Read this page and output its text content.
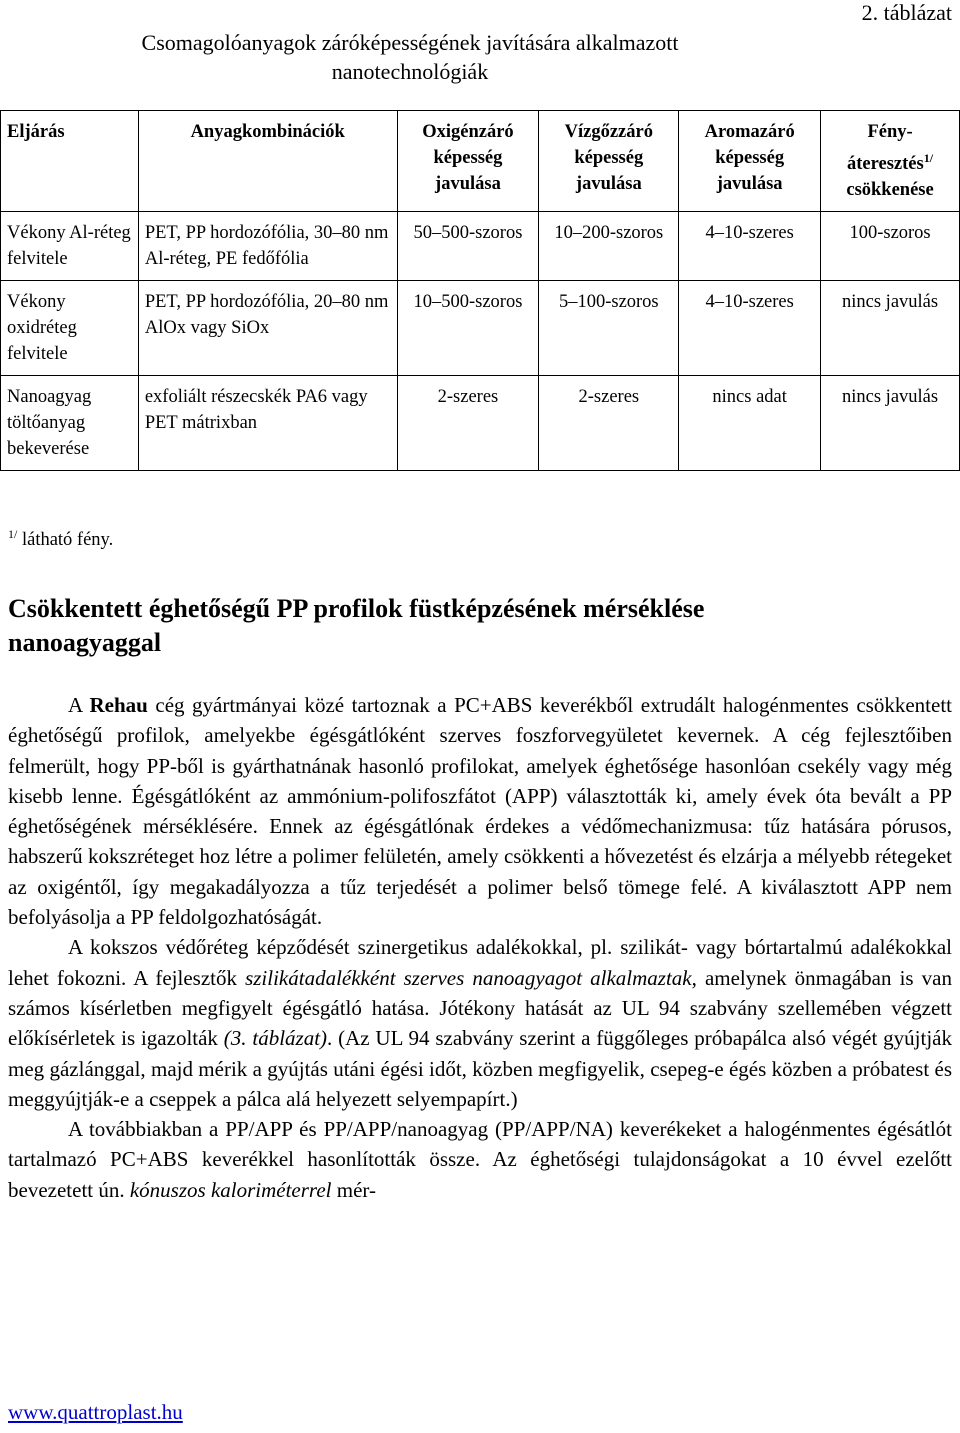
2. táblázat
Csomagolóanyagok záróképességének javítására alkalmazott nanotechnológiák
Eljárás	Anyagkombinációk	Oxigénzáró képesség javulása	Vízgőzzáró képesség javulása	Aromazáró képesség javulása	Fény-áteresztés$^{1/}$
csökkenése
Vékony Al-réteg felvitele	PET, PP hordozófólia, 30–80 nm Al-réteg, PE fedőfólia	50–500-szoros	10–200-szoros	4–10-szeres	100-szoros
Vékony oxidréteg felvitele	PET, PP hordozófólia, 20–80 nm AlOx vagy SiOx	10–500-szoros	5–100-szoros	4–10-szeres	nincs javulás
Nanoagyag töltőanyag bekeverése	exfoliált részecskék PA6 vagy PET mátrixban	2-szeres	2-szeres	nincs adat	nincs javulás
$^{1/}$ látható fény.
Csökkentett éghetőségű PP profilok füstképzésének mérséklése nanoagyaggal

A Rehau cég gyártmányai közé tartoznak a PC+ABS keverékből extrudált halogénmentes csökkentett éghetőségű profilok, amelyekbe égésgátlóként szerves foszforvegyületet kevernek. A cég fejlesztőiben felmerült, hogy PP-ből is gyárthatnának hasonló profilokat, amelyek éghetősége hasonlóan csekély vagy még kisebb lenne. Égésgátlóként az ammónium-polifoszfátot (APP) választották ki, amely évek óta bevált a PP éghetőségének mérséklésére. Ennek az égésgátlónak érdekes a védőmechanizmusa: tűz hatására pórusos, habszerű kokszréteget hoz létre a polimer felületén, amely csökkenti a hővezetést és elzárja a mélyebb rétegeket az oxigéntől, így megakadályozza a tűz terjedését a polimer belső tömege felé. A kiválasztott APP nem befolyásolja a PP feldolgozhatóságát.

A kokszos védőréteg képződését szinergetikus adalékokkal, pl. szilikát- vagy bórtartalmú adalékokkal lehet fokozni. A fejlesztők szilikátadalékként szerves nanoagyagot alkalmaztak, amelynek önmagában is van számos kísérletben megfigyelt égésgátló hatása. Jótékony hatását az UL 94 szabvány szellemében végzett előkísérletek is igazolták (3. táblázat). (Az UL 94 szabvány szerint a függőleges próbapálca alsó végét gyújtják meg gázlánggal, majd mérik a gyújtás utáni égési időt, közben megfigyelik, csepeg-e égés közben a próbatest és meggyújtják-e a cseppek a pálca alá helyezett selyempapírt.)

A továbbiakban a PP/APP és PP/APP/nanoagyag (PP/APP/NA) keverékeket a halogénmentes égésátlót tartalmazó PC+ABS keverékkel hasonlították össze. Az éghetőségi tulajdonságokat a 10 évvel ezelőtt bevezetett ún. kónuszos kaloriméterrel mér-

www.quattroplast.hu
